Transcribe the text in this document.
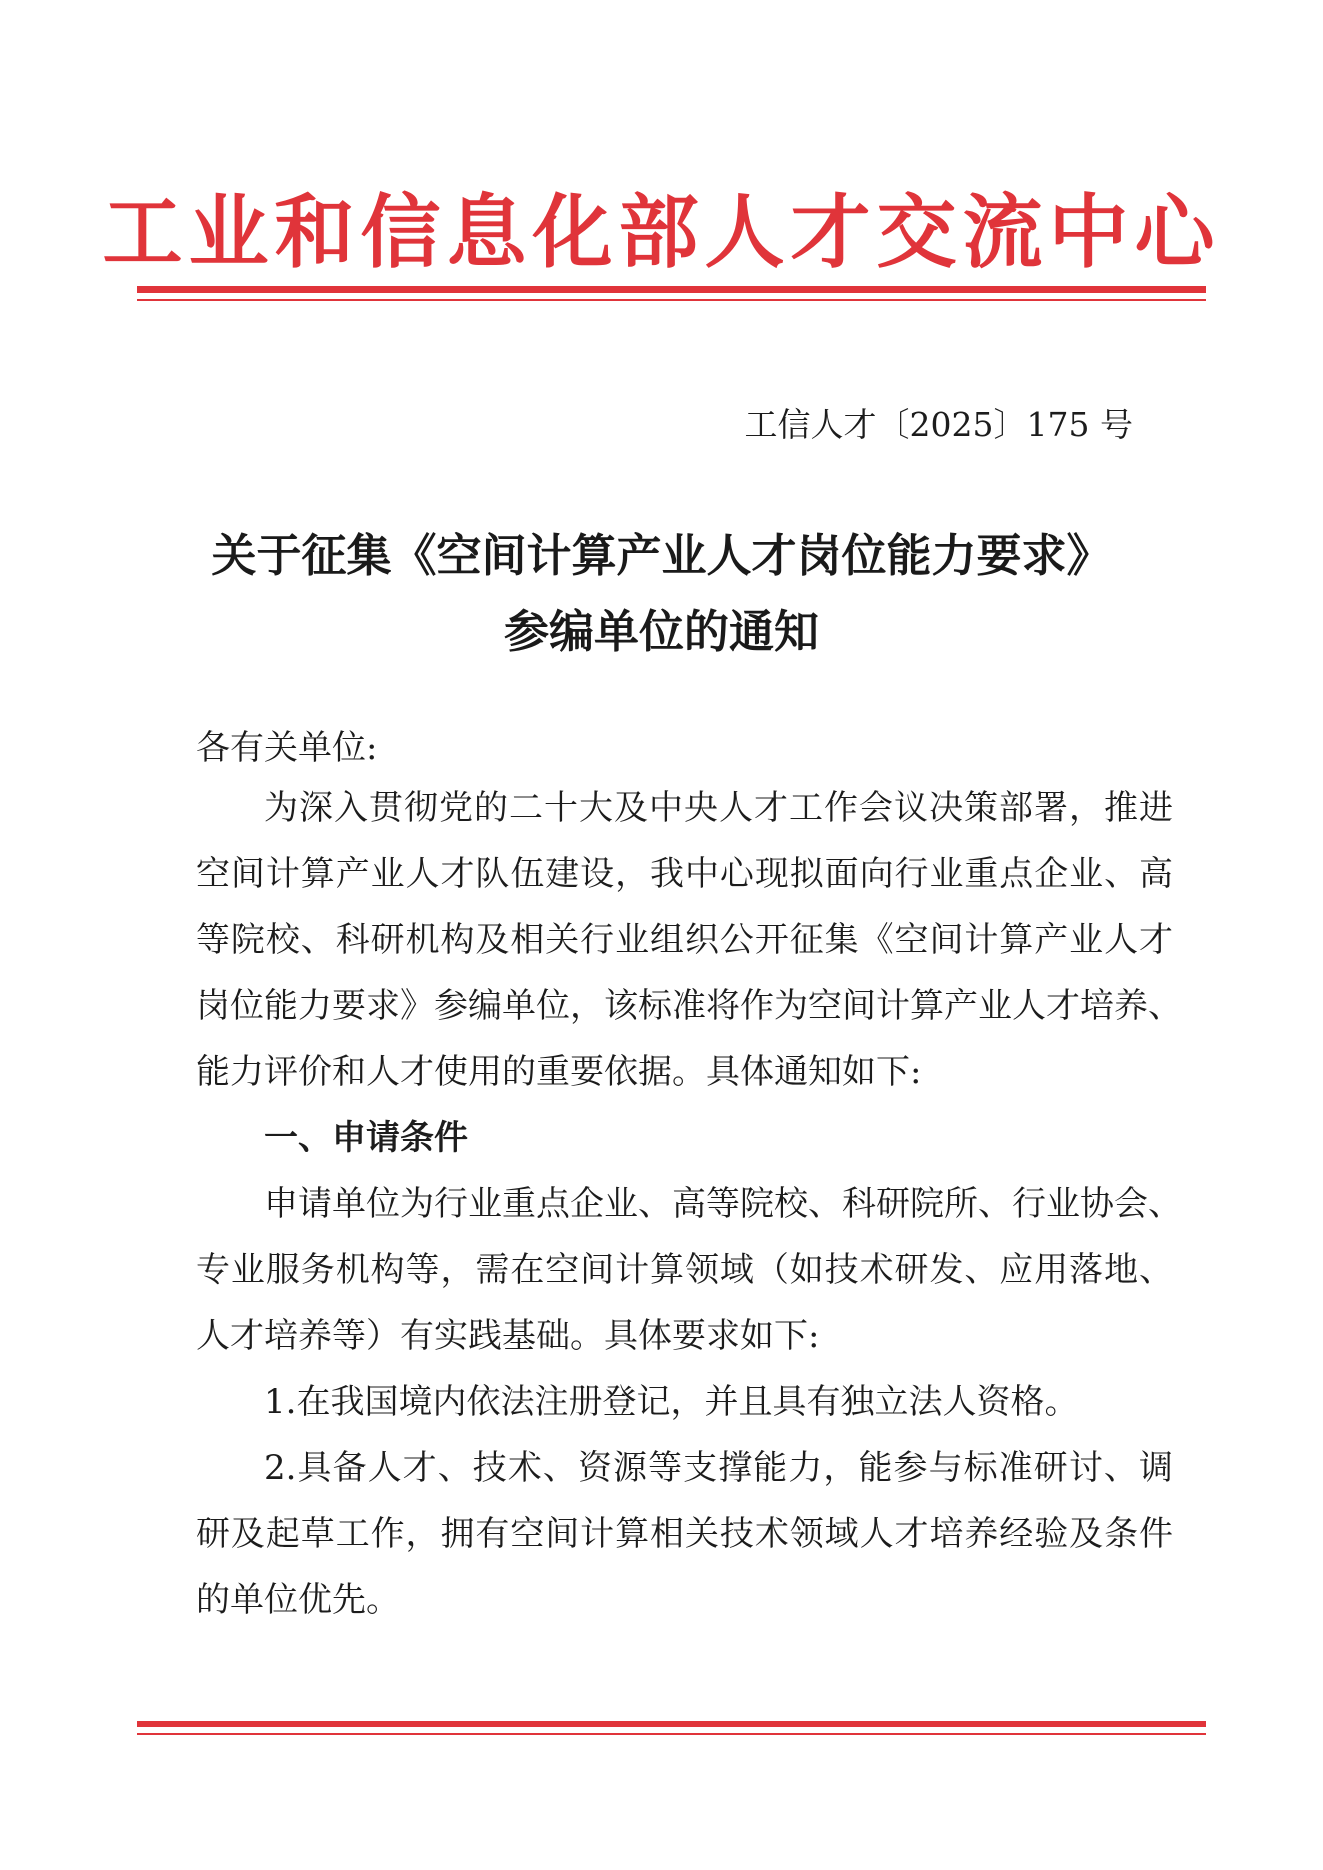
工业和信息化部人才交流中心
工信人才〔2025〕175 号
关于征集《空间计算产业人才岗位能力要求》
参编单位的通知
各有关单位:
为深入贯彻党的二十大及中央人才工作会议决策部署，推进
空间计算产业人才队伍建设，我中心现拟面向行业重点企业、高
等院校、科研机构及相关行业组织公开征集《空间计算产业人才
岗位能力要求》参编单位，该标准将作为空间计算产业人才培养、
能力评价和人才使用的重要依据。具体通知如下:
一、申请条件
申请单位为行业重点企业、高等院校、科研院所、行业协会、
专业服务机构等，需在空间计算领域（如技术研发、应用落地、
人才培养等）有实践基础。具体要求如下:
1.在我国境内依法注册登记，并且具有独立法人资格。
2.具备人才、技术、资源等支撑能力，能参与标准研讨、调
研及起草工作，拥有空间计算相关技术领域人才培养经验及条件
的单位优先。
